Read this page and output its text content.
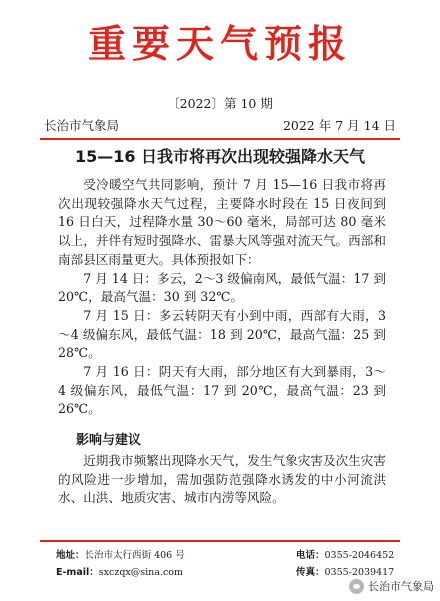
重要天气预报
〔2022〕第 10 期
长治市气象局	2022 年 7 月 14 日
15—16 日我市将再次出现较强降水天气

受冷暖空气共同影响，预计 7 月 15—16 日我市将再次出现较强降水天气过程，主要降水时段在 15 日夜间到 16 日白天，过程降水量 30～60 毫米，局部可达 80 毫米以上，并伴有短时强降水、雷暴大风等强对流天气。西部和南部县区雨量更大。具体预报如下：

7 月 14 日：多云，2～3 级偏南风，最低气温：17 到 20℃，最高气温：30 到 32℃。

7 月 15 日：多云转阴天有小到中雨，西部有大雨，3～4 级偏东风，最低气温：18 到 20℃，最高气温：25 到 28℃。

7 月 16 日：阴天有大雨，部分地区有大到暴雨，3～4 级偏东风，最低气温：17 到 20℃，最高气温：23 到 26℃。

影响与建议

近期我市频繁出现降水天气，发生气象灾害及次生灾害的风险进一步增加，需加强防范强降水诱发的中小河流洪水、山洪、地质灾害、城市内涝等风险。

地址：长治市太行西街 406 号	电话：0355-2046452
E-mail：sxczqx@sina.com	传真：0355-2039417
长治市气象局
